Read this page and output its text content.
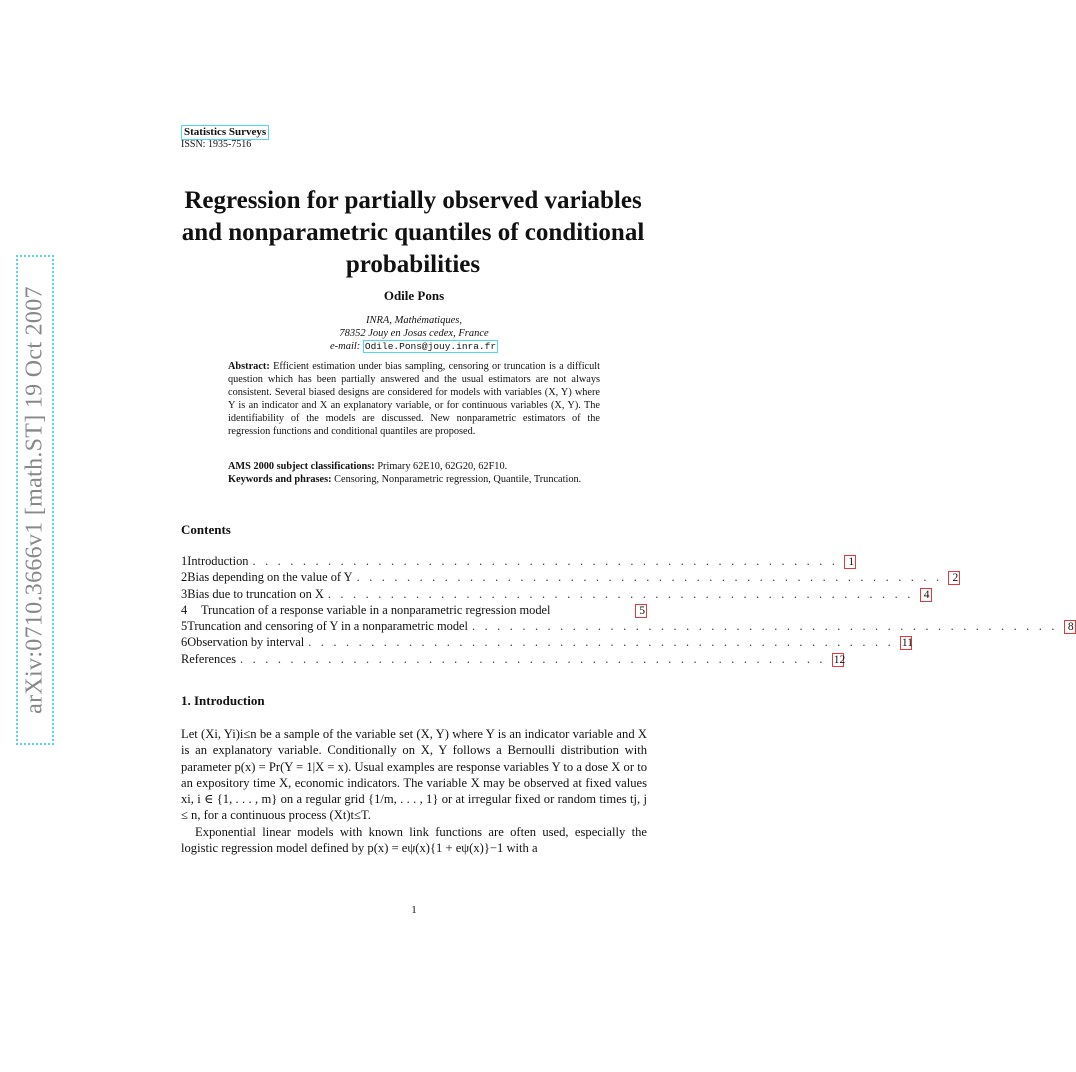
arXiv:0710.3666v1 [math.ST] 19 Oct 2007
Statistics Surveys
ISSN: 1935-7516
Regression for partially observed variables and nonparametric quantiles of conditional probabilities
Odile Pons
INRA, Mathématiques,
78352 Jouy en Josas cedex, France
e-mail: Odile.Pons@jouy.inra.fr
Abstract: Efficient estimation under bias sampling, censoring or truncation is a difficult question which has been partially answered and the usual estimators are not always consistent. Several biased designs are considered for models with variables (X, Y) where Y is an indicator and X an explanatory variable, or for continuous variables (X, Y). The identifiability of the models are discussed. New nonparametric estimators of the regression functions and conditional quantiles are proposed.
AMS 2000 subject classifications: Primary 62E10, 62G20, 62F10.
Keywords and phrases: Censoring, Nonparametric regression, Quantile, Truncation.
Contents
1 Introduction . . . . . . . . . . . . . . . . . . . . . . . . . . . . . . . . . . . . . . . . . . . . . . . 1
2 Bias depending on the value of Y . . . . . . . . . . . . . . . . . . . . . . . . . . . . . . . . . . . . . . . . . . . . . . . 2
3 Bias due to truncation on X . . . . . . . . . . . . . . . . . . . . . . . . . . . . . . . . . . . . . . . . . . . . . . . 4
4	Truncation of a response variable in a nonparametric regression model	5
5 Truncation and censoring of Y in a nonparametric model . . . . . . . . . . . . . . . . . . . . . . . . . . . . . . . . . . . . . . . . . . . . . . . 8
6 Observation by interval . . . . . . . . . . . . . . . . . . . . . . . . . . . . . . . . . . . . . . . . . . . . . . . 11
References . . . . . . . . . . . . . . . . . . . . . . . . . . . . . . . . . . . . . . . . . . . . . . . 12
1. Introduction

Let (Xi, Yi)i≤n be a sample of the variable set (X, Y) where Y is an indicator variable and X is an explanatory variable. Conditionally on X, Y follows a Bernoulli distribution with parameter p(x) = Pr(Y = 1|X = x). Usual examples are response variables Y to a dose X or to an expository time X, economic indicators. The variable X may be observed at fixed values xi, i ∈ {1, . . . , m} on a regular grid {1/m, . . . , 1} or at irregular fixed or random times tj, j ≤ n, for a continuous process (Xt)t≤T.

Exponential linear models with known link functions are often used, especially the logistic regression model defined by p(x) = eψ(x){1 + eψ(x)}−1 with a

1
